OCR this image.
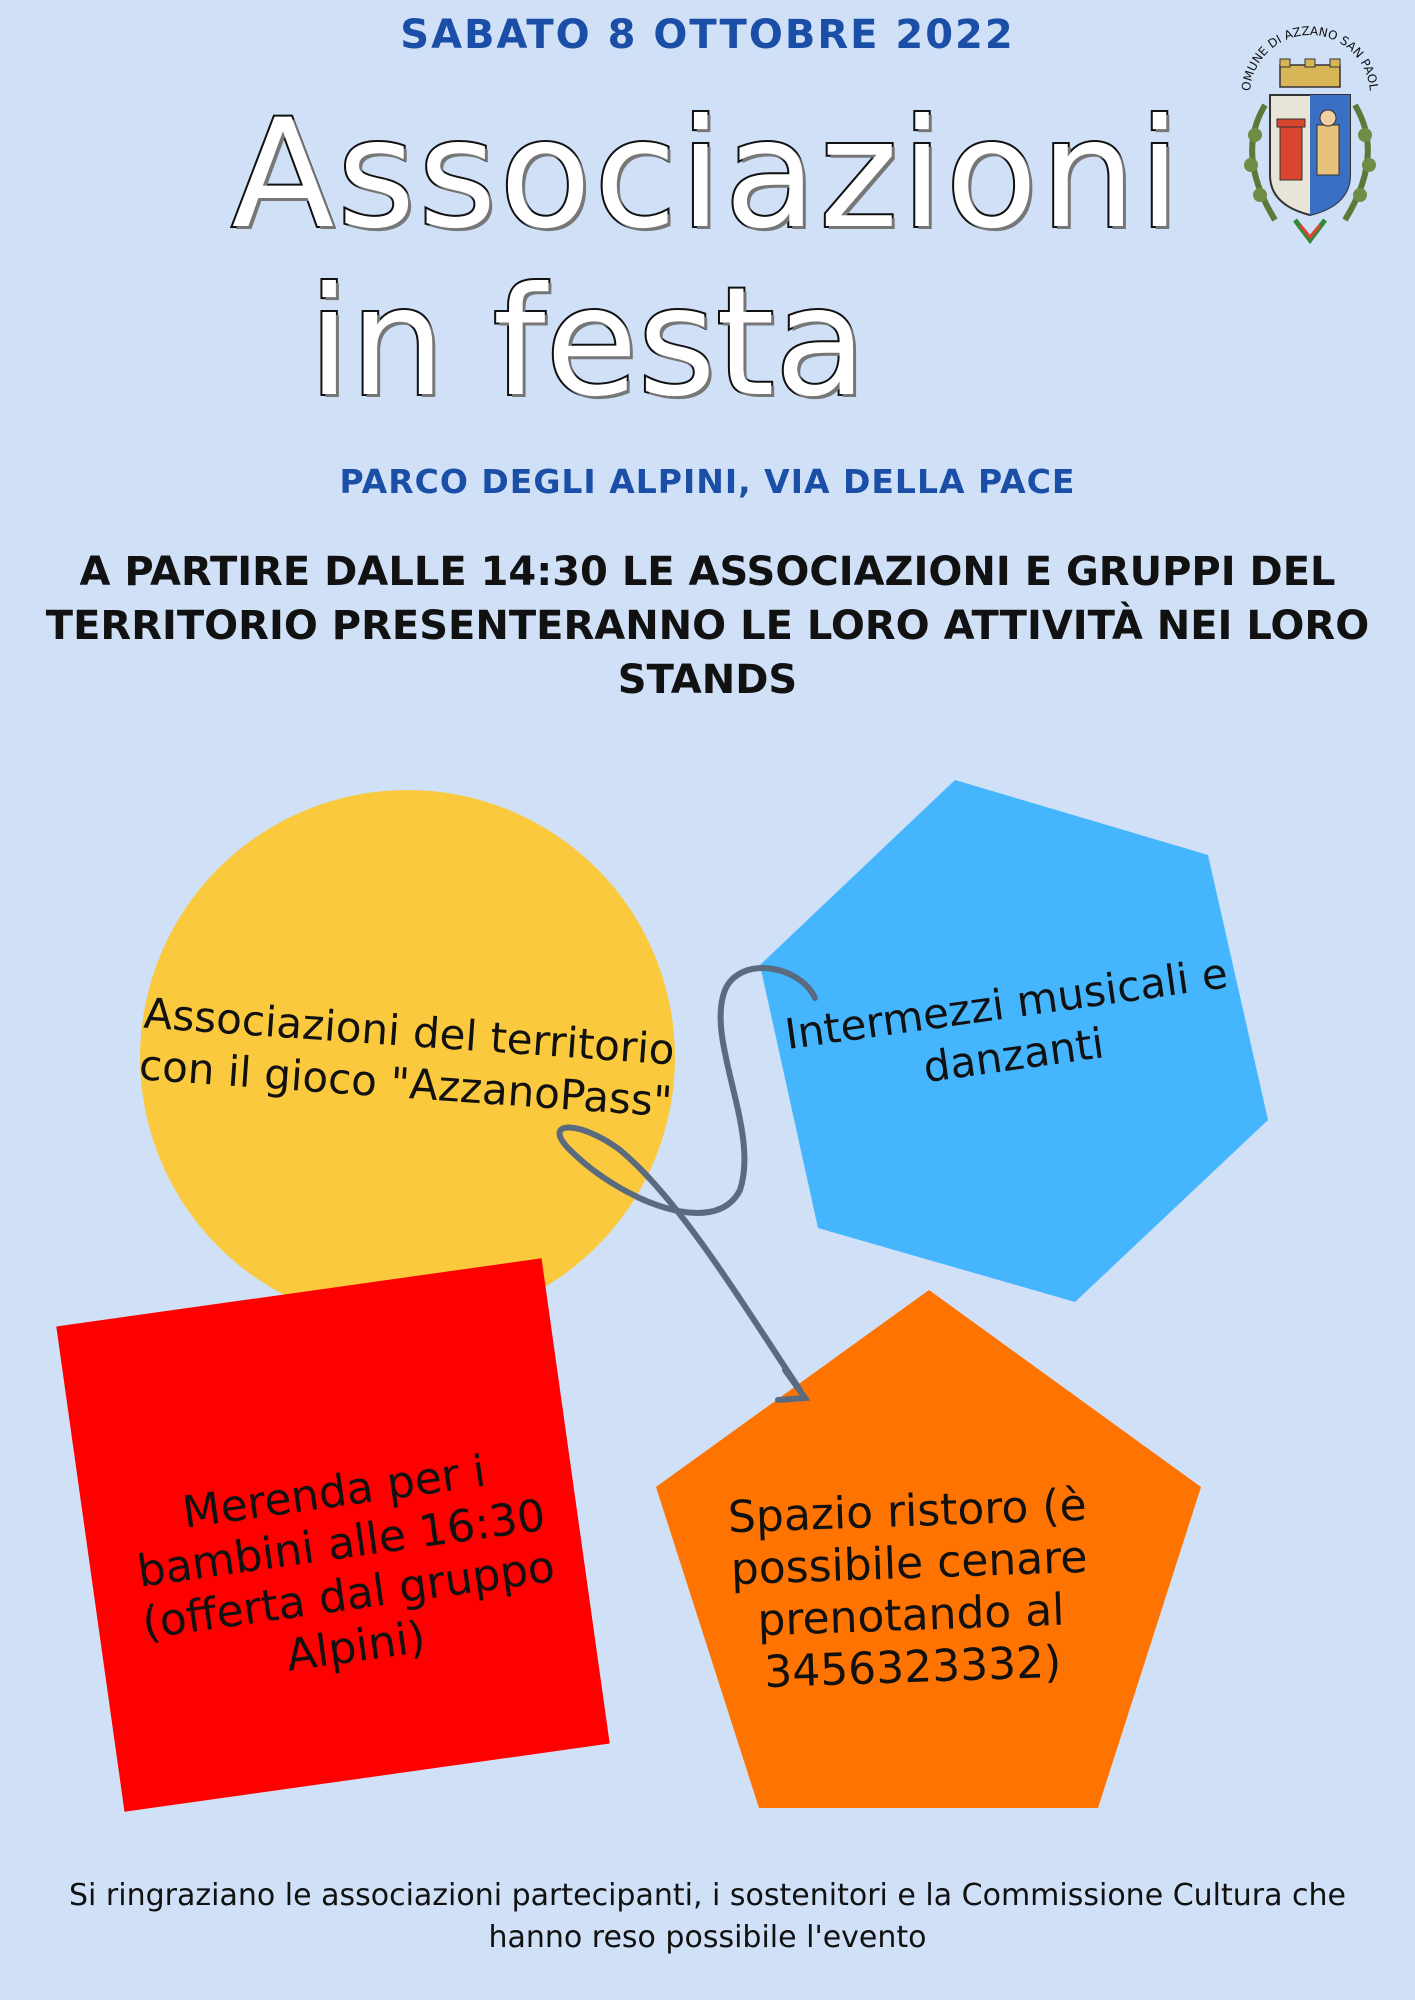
SABATO 8 OTTOBRE 2022
Associazioni
in festa
OMUNE DI AZZANO SAN PAOL
PARCO DEGLI ALPINI, VIA DELLA PACE
A PARTIRE DALLE 14:30 LE ASSOCIAZIONI E GRUPPI DEL TERRITORIO PRESENTERANNO LE LORO ATTIVITÀ NEI LORO STANDS
Associazioni del territorio con il gioco "AzzanoPass"
Intermezzi musicali e danzanti
Merenda per i bambini alle 16:30 (offerta dal gruppo Alpini)
Spazio ristoro (è possibile cenare prenotando al 3456323332)
Si ringraziano le associazioni partecipanti, i sostenitori e la Commissione Cultura che hanno reso possibile l'evento
